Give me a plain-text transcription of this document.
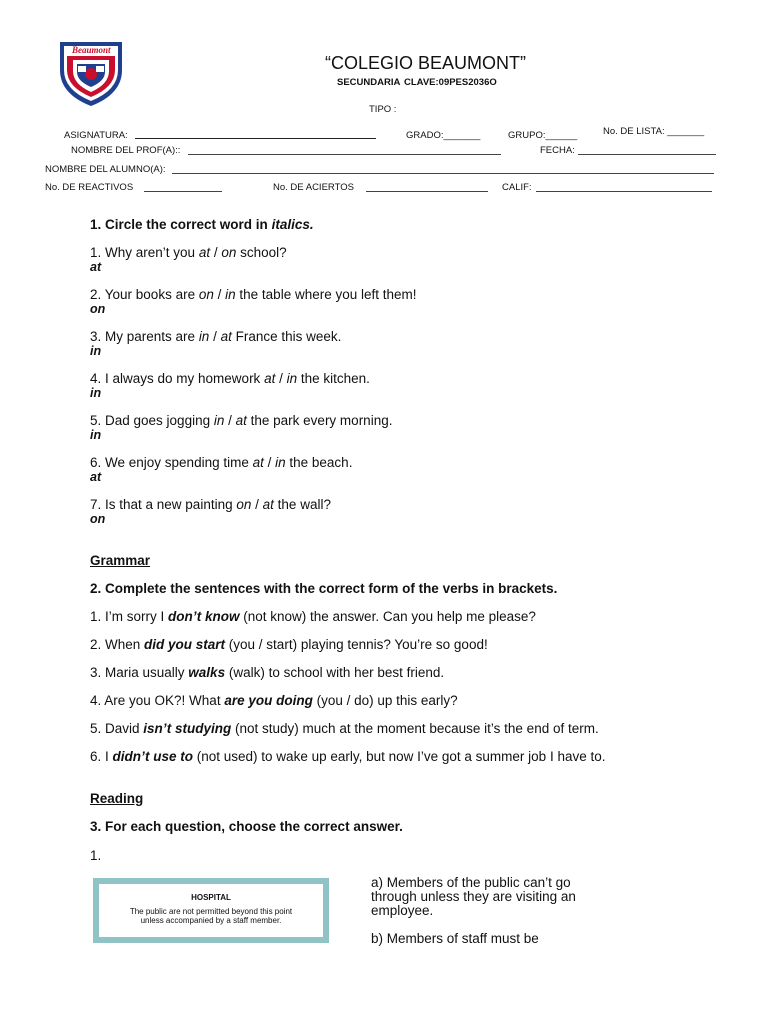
Beaumont
“COLEGIO BEAUMONT”
SECUNDARIA CLAVE:09PES2036O
TIPO :
ASIGNATURA:	GRADO:_______	GRUPO:______	No. DE LISTA: _______
NOMBRE DEL PROF(A)::	FECHA:
NOMBRE DEL ALUMNO(A):
No. DE REACTIVOS	No. DE ACIERTOS	CALIF:
1. Circle the correct word in italics.
1. Why aren’t you at / on school?
at
2. Your books are on / in the table where you left them!
on
3. My parents are in / at France this week.
in
4. I always do my homework at / in the kitchen.
in
5. Dad goes jogging in / at the park every morning.
in
6. We enjoy spending time at / in the beach.
at
7. Is that a new painting on / at the wall?
on
Grammar
2. Complete the sentences with the correct form of the verbs in brackets.
1. I’m sorry I don’t know (not know) the answer. Can you help me please?
2. When did you start (you / start) playing tennis? You’re so good!
3. Maria usually walks (walk) to school with her best friend.
4. Are you OK?! What are you doing (you / do) up this early?
5. David isn’t studying (not study) much at the moment because it’s the end of term.
6. I didn’t use to (not used) to wake up early, but now I’ve got a summer job I have to.
Reading
3. For each question, choose the correct answer.
1.
HOSPITAL
The public are not permitted beyond this point
unless accompanied by a staff member.
a) Members of the public can’t go
through unless they are visiting an
employee.
b) Members of staff must be
